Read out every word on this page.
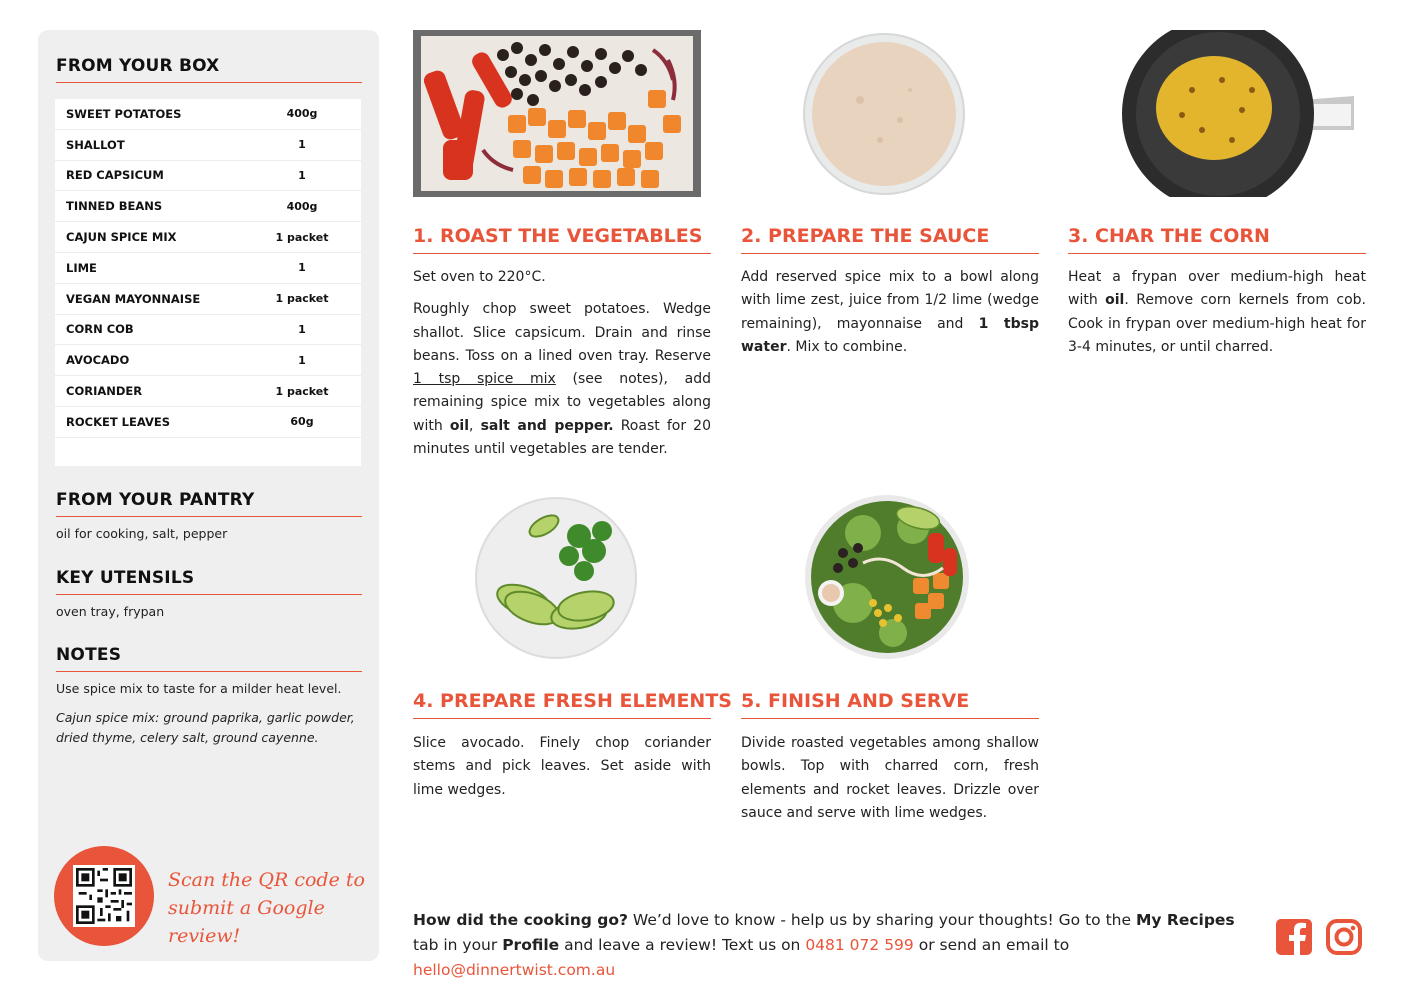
FROM YOUR BOX
SWEET POTATOES	400g
SHALLOT	1
RED CAPSICUM	1
TINNED BEANS	400g
CAJUN SPICE MIX	1 packet
LIME	1
VEGAN MAYONNAISE	1 packet
CORN COB	1
AVOCADO	1
CORIANDER	1 packet
ROCKET LEAVES	60g
FROM YOUR PANTRY
oil for cooking, salt, pepper
KEY UTENSILS
oven tray, frypan
NOTES
Use spice mix to taste for a milder heat level.
Cajun spice mix: ground paprika, garlic powder, dried thyme, celery salt, ground cayenne.
Scan the QR code to
submit a Google review!
1. ROAST THE VEGETABLES	2. PREPARE THE SAUCE	3. CHAR THE CORN
4. PREPARE FRESH ELEMENTS 5. FINISH AND SERVE

Set oven to 220°C.

Roughly chop sweet potatoes. Wedge shallot. Slice capsicum. Drain and rinse beans. Toss on a lined oven tray. Reserve 1 tsp spice mix (see notes), add remaining spice mix to vegetables along with oil, salt and pepper. Roast for 20 minutes until vegetables are tender.

Add reserved spice mix to a bowl along with lime zest, juice from 1/2 lime (wedge remaining), mayonnaise and 1 tbsp water. Mix to combine.

Heat a frypan over medium-high heat with oil. Remove corn kernels from cob. Cook in frypan over medium-high heat for 3-4 minutes, or until charred.

Slice avocado. Finely chop coriander stems and pick leaves. Set aside with lime wedges.

Divide roasted vegetables among shallow bowls. Top with charred corn, fresh elements and rocket leaves. Drizzle over sauce and serve with lime wedges.

How did the cooking go? We’d love to know - help us by sharing your thoughts! Go to the My Recipes tab in your Profile and leave a review! Text us on 0481 072 599 or send an email to hello@dinnertwist.com.au
